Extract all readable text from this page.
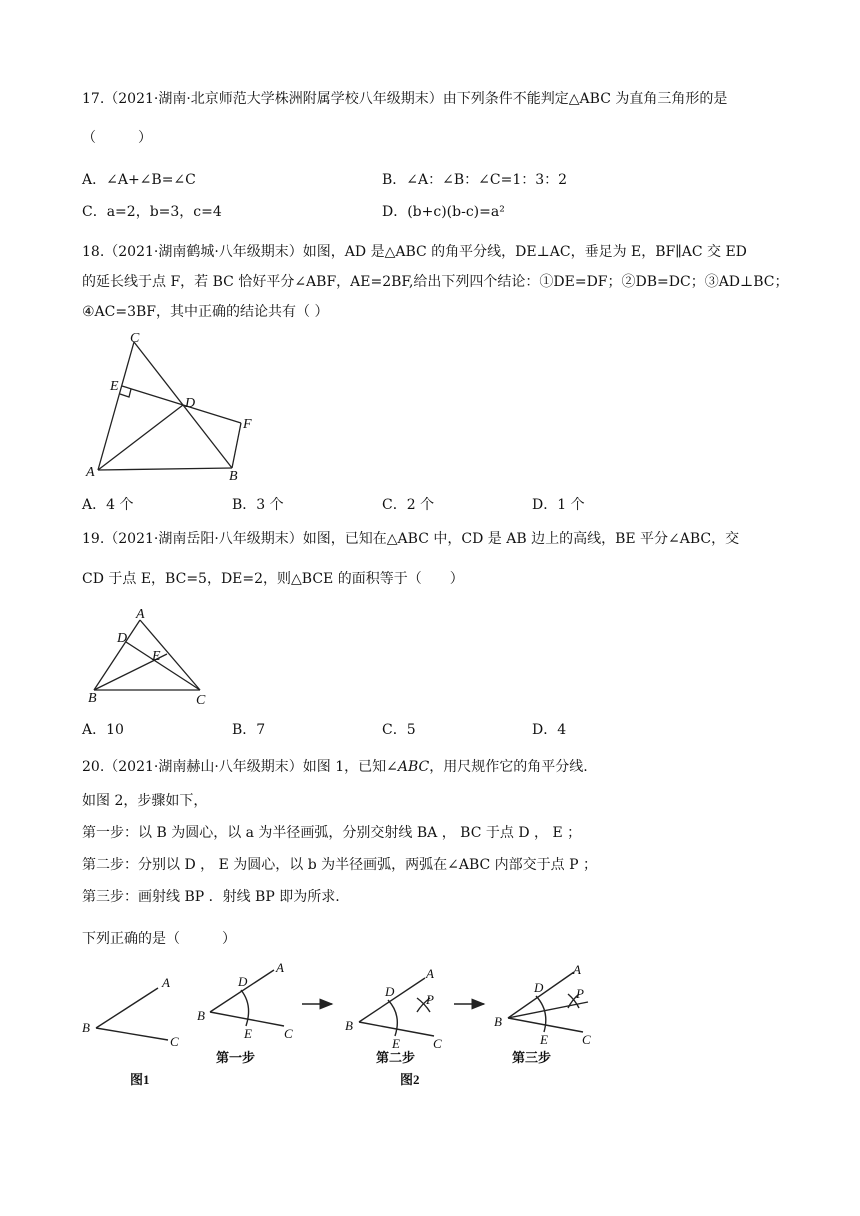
17.（2021·湖南·北京师范大学株洲附属学校八年级期末）由下列条件不能判定△ABC 为直角三角形的是
（　　　）
A．∠A+∠B=∠C	B．∠A：∠B：∠C=1：3：2
C．a=2，b=3，c=4	D．(b+c)(b-c)=a²
18.（2021·湖南鹤城·八年级期末）如图，AD 是△ABC 的角平分线，DE⊥AC，垂足为 E，BF∥AC 交 ED
的延长线于点 F，若 BC 恰好平分∠ABF，AE=2BF,给出下列四个结论：①DE=DF；②DB=DC；③AD⊥BC；
④AC=3BF，其中正确的结论共有（ ）
C
E
D
F
A	B
A．4 个	B．3 个	C．2 个	D．1 个
19.（2021·湖南岳阳·八年级期末）如图，已知在△ABC 中，CD 是 AB 边上的高线，BE 平分∠ABC，交
CD 于点 E，BC=5，DE=2，则△BCE 的面积等于（　　）
A
D
E
B	C
A．10	B．7	C．5	D．4
20.（2021·湖南赫山·八年级期末）如图 1，已知∠ABC，用尺规作它的角平分线.
如图 2，步骤如下，
第一步：以 B 为圆心，以 a 为半径画弧，分别交射线 BA ， BC 于点 D ， E ；
第二步：分别以 D ， E 为圆心，以 b 为半径画弧，两弧在∠ABC 内部交于点 P ；
第三步：画射线 BP ．射线 BP 即为所求.
下列正确的是（　　　）
A
B
C
A
D
B
E C
第一步
A
D
P
B
E	C
第二步
A
D	P
B
E	C
第三步
图1	图2
